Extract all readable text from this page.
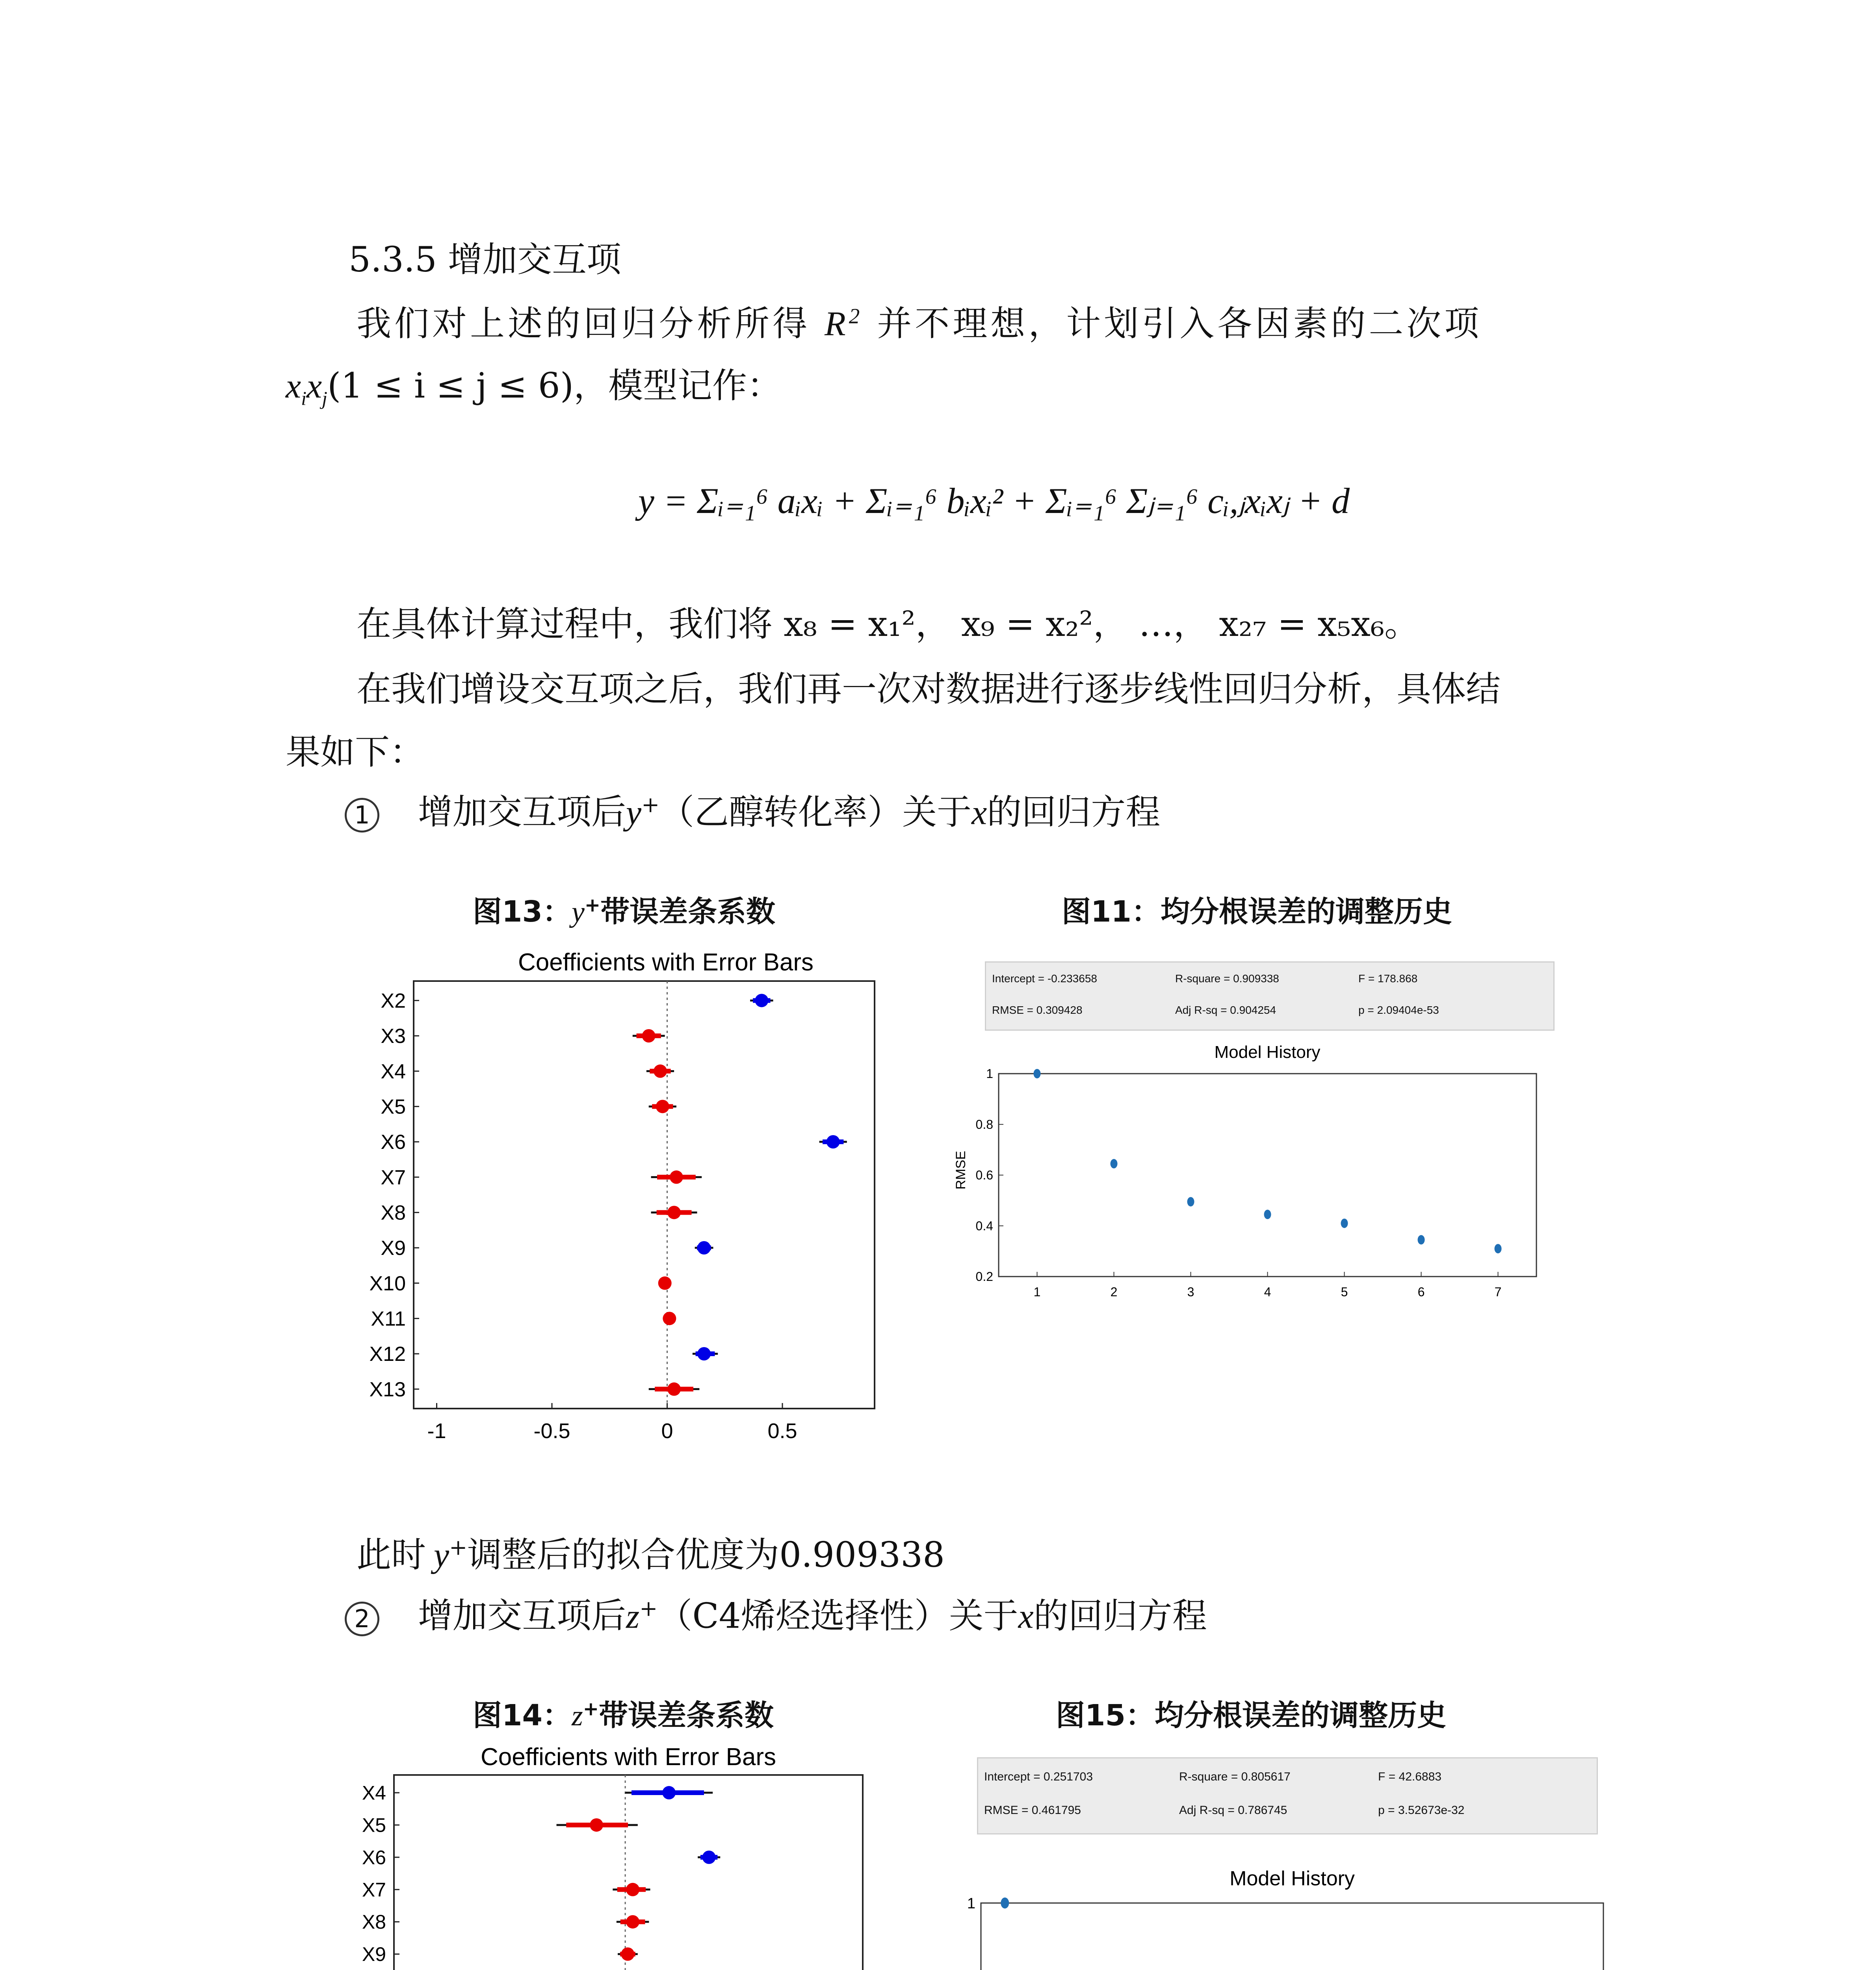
5.3.5 增加交互项
我们对上述的回归分析所得 $R^2$ 并不理想，计划引入各因素的二次项
$x_ix_j(1 \le i \le j \le 6)$，模型记作：
y = Σᵢ₌₁⁶ aᵢxᵢ + Σᵢ₌₁⁶ bᵢxᵢ² + Σᵢ₌₁⁶ Σⱼ₌₁⁶ cᵢ,ⱼxᵢxⱼ + d
在具体计算过程中，我们将 x₈ = x₁²， x₉ = x₂²， …， x₂₇ = x₅x₆。
在我们增设交互项之后，我们再一次对数据进行逐步线性回归分析，具体结
果如下：
1 增加交互项后y+（乙醇转化率）关于x的回归方程
图13：y+带误差条系数	图11：均分根误差的调整历史
Coefficients with Error Bars
-1	-0.5	0	0.5
X2
X3
X4
X5
X6
X7
X8
X9
X10
X11
X12
X13
Intercept = -0.233658	R-square = 0.909338	F = 178.868
RMSE = 0.309428	Adj R-sq = 0.904254	p = 2.09404e-53
Model History
RMSE
1	2	3	4	5	6	7
0.2
0.4
0.6
0.8
1
此时 y+调整后的拟合优度为0.909338
2 增加交互项后z+（C4烯烃选择性）关于x的回归方程
图14：z+带误差条系数	图15：均分根误差的调整历史
Coefficients with Error Bars
X4
X5
X6
X7
X8
X9
Intercept = 0.251703	R-square = 0.805617	F = 42.6883
RMSE = 0.461795	Adj R-sq = 0.786745	p = 3.52673e-32
Model History
1
